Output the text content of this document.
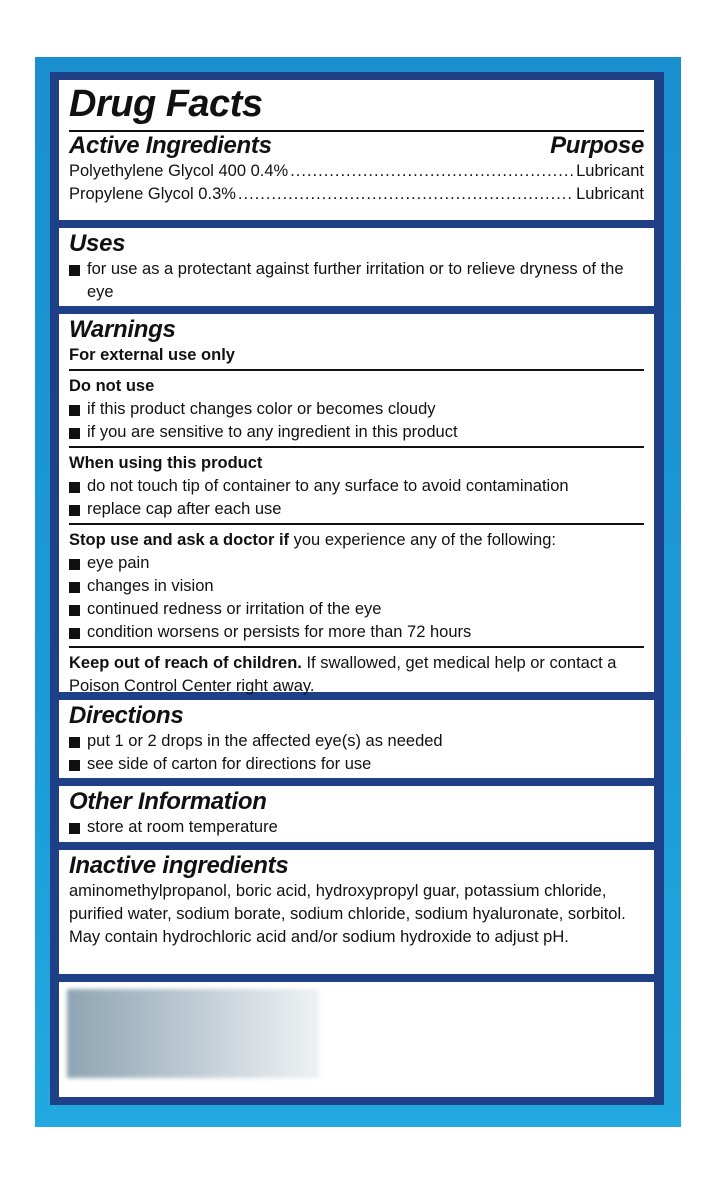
Drug Facts
Active Ingredients	Purpose
Polyethylene Glycol 400 0.4% .....	Lubricant
Propylene Glycol 0.3% .....	Lubricant
Uses
for use as a protectant against further irritation or to relieve dryness of the eye
Warnings
For external use only
Do not use
if this product changes color or becomes cloudy
if you are sensitive to any ingredient in this product
When using this product
do not touch tip of container to any surface to avoid contamination
replace cap after each use
Stop use and ask a doctor if you experience any of the following:
eye pain
changes in vision
continued redness or irritation of the eye
condition worsens or persists for more than 72 hours
Keep out of reach of children. If swallowed, get medical help or contact a Poison Control Center right away.
Directions
put 1 or 2 drops in the affected eye(s) as needed
see side of carton for directions for use
Other Information
store at room temperature
Inactive ingredients
aminomethylpropanol, boric acid, hydroxypropyl guar, potassium chloride, purified water, sodium borate, sodium chloride, sodium hyaluronate, sorbitol. May contain hydrochloric acid and/or sodium hydroxide to adjust pH.
